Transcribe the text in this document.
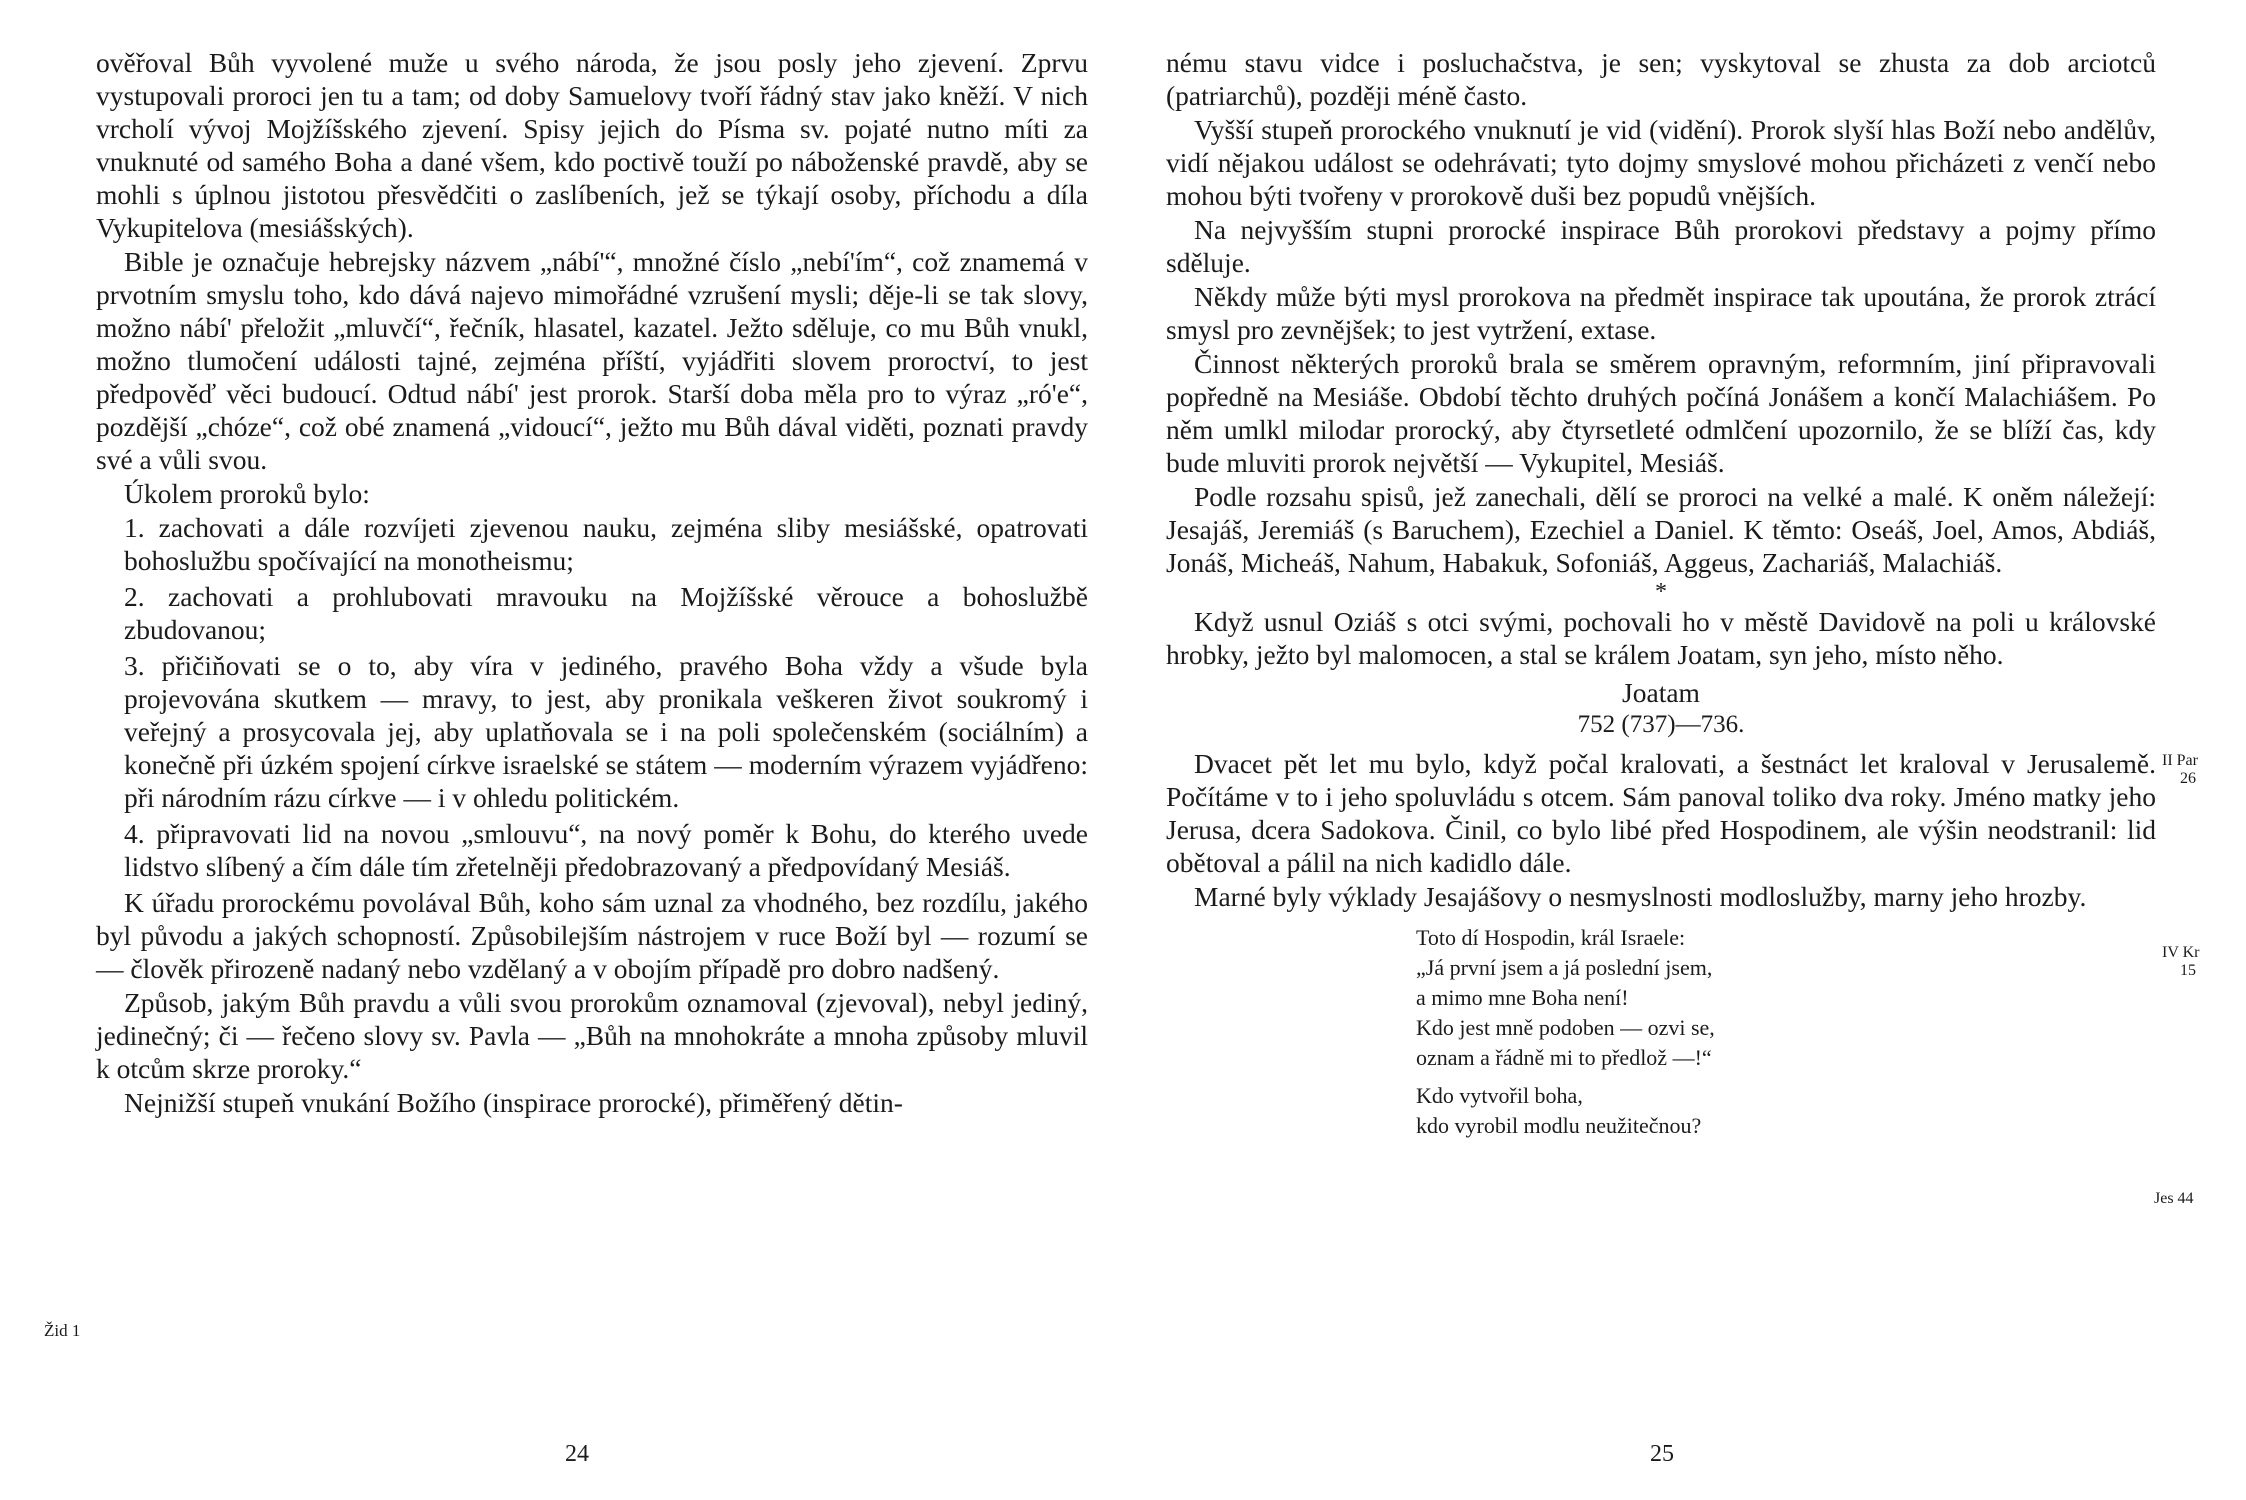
ověřoval Bůh vyvolené muže u svého národa, že jsou posly jeho zjevení. Zprvu vystupovali proroci jen tu a tam; od doby Samuelovy tvoří řádný stav jako kněží. V nich vrcholí vývoj Mojžíšského zjevení. Spisy jejich do Písma sv. pojaté nutno míti za vnuknuté od samého Boha a dané všem, kdo poctivě touží po náboženské pravdě, aby se mohli s úplnou jistotou přesvědčiti o zaslíbeních, jež se týkají osoby, příchodu a díla Vykupitelova (mesiášských).

Bible je označuje hebrejsky názvem „nábí'“, množné číslo „nebí'ím“, což znamemá v prvotním smyslu toho, kdo dává najevo mimořádné vzrušení mysli; děje-li se tak slovy, možno nábí' přeložit „mluvčí“, řečník, hlasatel, kazatel. Ježto sděluje, co mu Bůh vnukl, možno tlumočení události tajné, zejména příští, vyjádřiti slovem proroctví, to jest předpověď věci budoucí. Odtud nábí' jest prorok. Starší doba měla pro to výraz „ró'e“, pozdější „chóze“, což obé znamená „vidoucí“, ježto mu Bůh dával viděti, poznati pravdy své a vůli svou.

Úkolem proroků bylo:

1. zachovati a dále rozvíjeti zjevenou nauku, zejména sliby mesiášské, opatrovati bohoslužbu spočívající na monotheismu;

2. zachovati a prohlubovati mravouku na Mojžíšské věrouce a bohoslužbě zbudovanou;

3. přičiňovati se o to, aby víra v jediného, pravého Boha vždy a všude byla projevována skutkem — mravy, to jest, aby pronikala veškeren život soukromý i veřejný a prosycovala jej, aby uplatňovala se i na poli společenském (sociálním) a konečně při úzkém spojení církve israelské se státem — moderním výrazem vyjádřeno: při národním rázu církve — i v ohledu politickém.

4. připravovati lid na novou „smlouvu“, na nový poměr k Bohu, do kterého uvede lidstvo slíbený a čím dále tím zřetelněji předobrazovaný a předpovídaný Mesiáš.

K úřadu prorockému povolával Bůh, koho sám uznal za vhodného, bez rozdílu, jakého byl původu a jakých schopností. Způsobilejším nástrojem v ruce Boží byl — rozumí se — člověk přirozeně nadaný nebo vzdělaný a v obojím případě pro dobro nadšený.

Způsob, jakým Bůh pravdu a vůli svou prorokům oznamoval (zjevoval), nebyl jediný, jedinečný; či — řečeno slovy sv. Pavla — „Bůh na mnohokráte a mnoha způsoby mluvil k otcům skrze proroky.“

Nejnižší stupeň vnukání Božího (inspirace prorocké), přiměřený dětin-

Žid 1
24

nému stavu vidce i posluchačstva, je sen; vyskytoval se zhusta za dob arciotců (patriarchů), později méně často.

Vyšší stupeň prorockého vnuknutí je vid (vidění). Prorok slyší hlas Boží nebo andělův, vidí nějakou událost se odehrávati; tyto dojmy smyslové mohou přicházeti z venčí nebo mohou býti tvořeny v prorokově duši bez popudů vnějších.

Na nejvyšším stupni prorocké inspirace Bůh prorokovi představy a pojmy přímo sděluje.

Někdy může býti mysl prorokova na předmět inspirace tak upoutána, že prorok ztrácí smysl pro zevnějšek; to jest vytržení, extase.

Činnost některých proroků brala se směrem opravným, reformním, jiní připravovali popředně na Mesiáše. Období těchto druhých počíná Jonášem a končí Malachiášem. Po něm umlkl milodar prorocký, aby čtyrsetleté odmlčení upozornilo, že se blíží čas, kdy bude mluviti prorok největší — Vykupitel, Mesiáš.

Podle rozsahu spisů, jež zanechali, dělí se proroci na velké a malé. K oněm náležejí: Jesajáš, Jeremiáš (s Baruchem), Ezechiel a Daniel. K těmto: Oseáš, Joel, Amos, Abdiáš, Jonáš, Micheáš, Nahum, Habakuk, Sofoniáš, Aggeus, Zachariáš, Malachiáš.

*

Když usnul Oziáš s otci svými, pochovali ho v městě Davidově na poli u královské hrobky, ježto byl malomocen, a stal se králem Joatam, syn jeho, místo něho.

Joatam
752 (737)—736.

Dvacet pět let mu bylo, když počal kralovati, a šestnáct let kraloval v Jerusalemě. Počítáme v to i jeho spoluvládu s otcem. Sám panoval toliko dva roky. Jméno matky jeho Jerusa, dcera Sadokova. Činil, co bylo libé před Hospodinem, ale výšin neodstranil: lid obětoval a pálil na nich kadidlo dále.

Marné byly výklady Jesajášovy o nesmyslnosti modloslužby, marny jeho hrozby.

Toto dí Hospodin, král Israele:
„Já první jsem a já poslední jsem,
a mimo mne Boha není!
Kdo jest mně podoben — ozvi se,
oznam a řádně mi to předlož —!“
Kdo vytvořil boha,
kdo vyrobil modlu neužitečnou?
II Par
26
IV Kr
15
Jes 44
25
